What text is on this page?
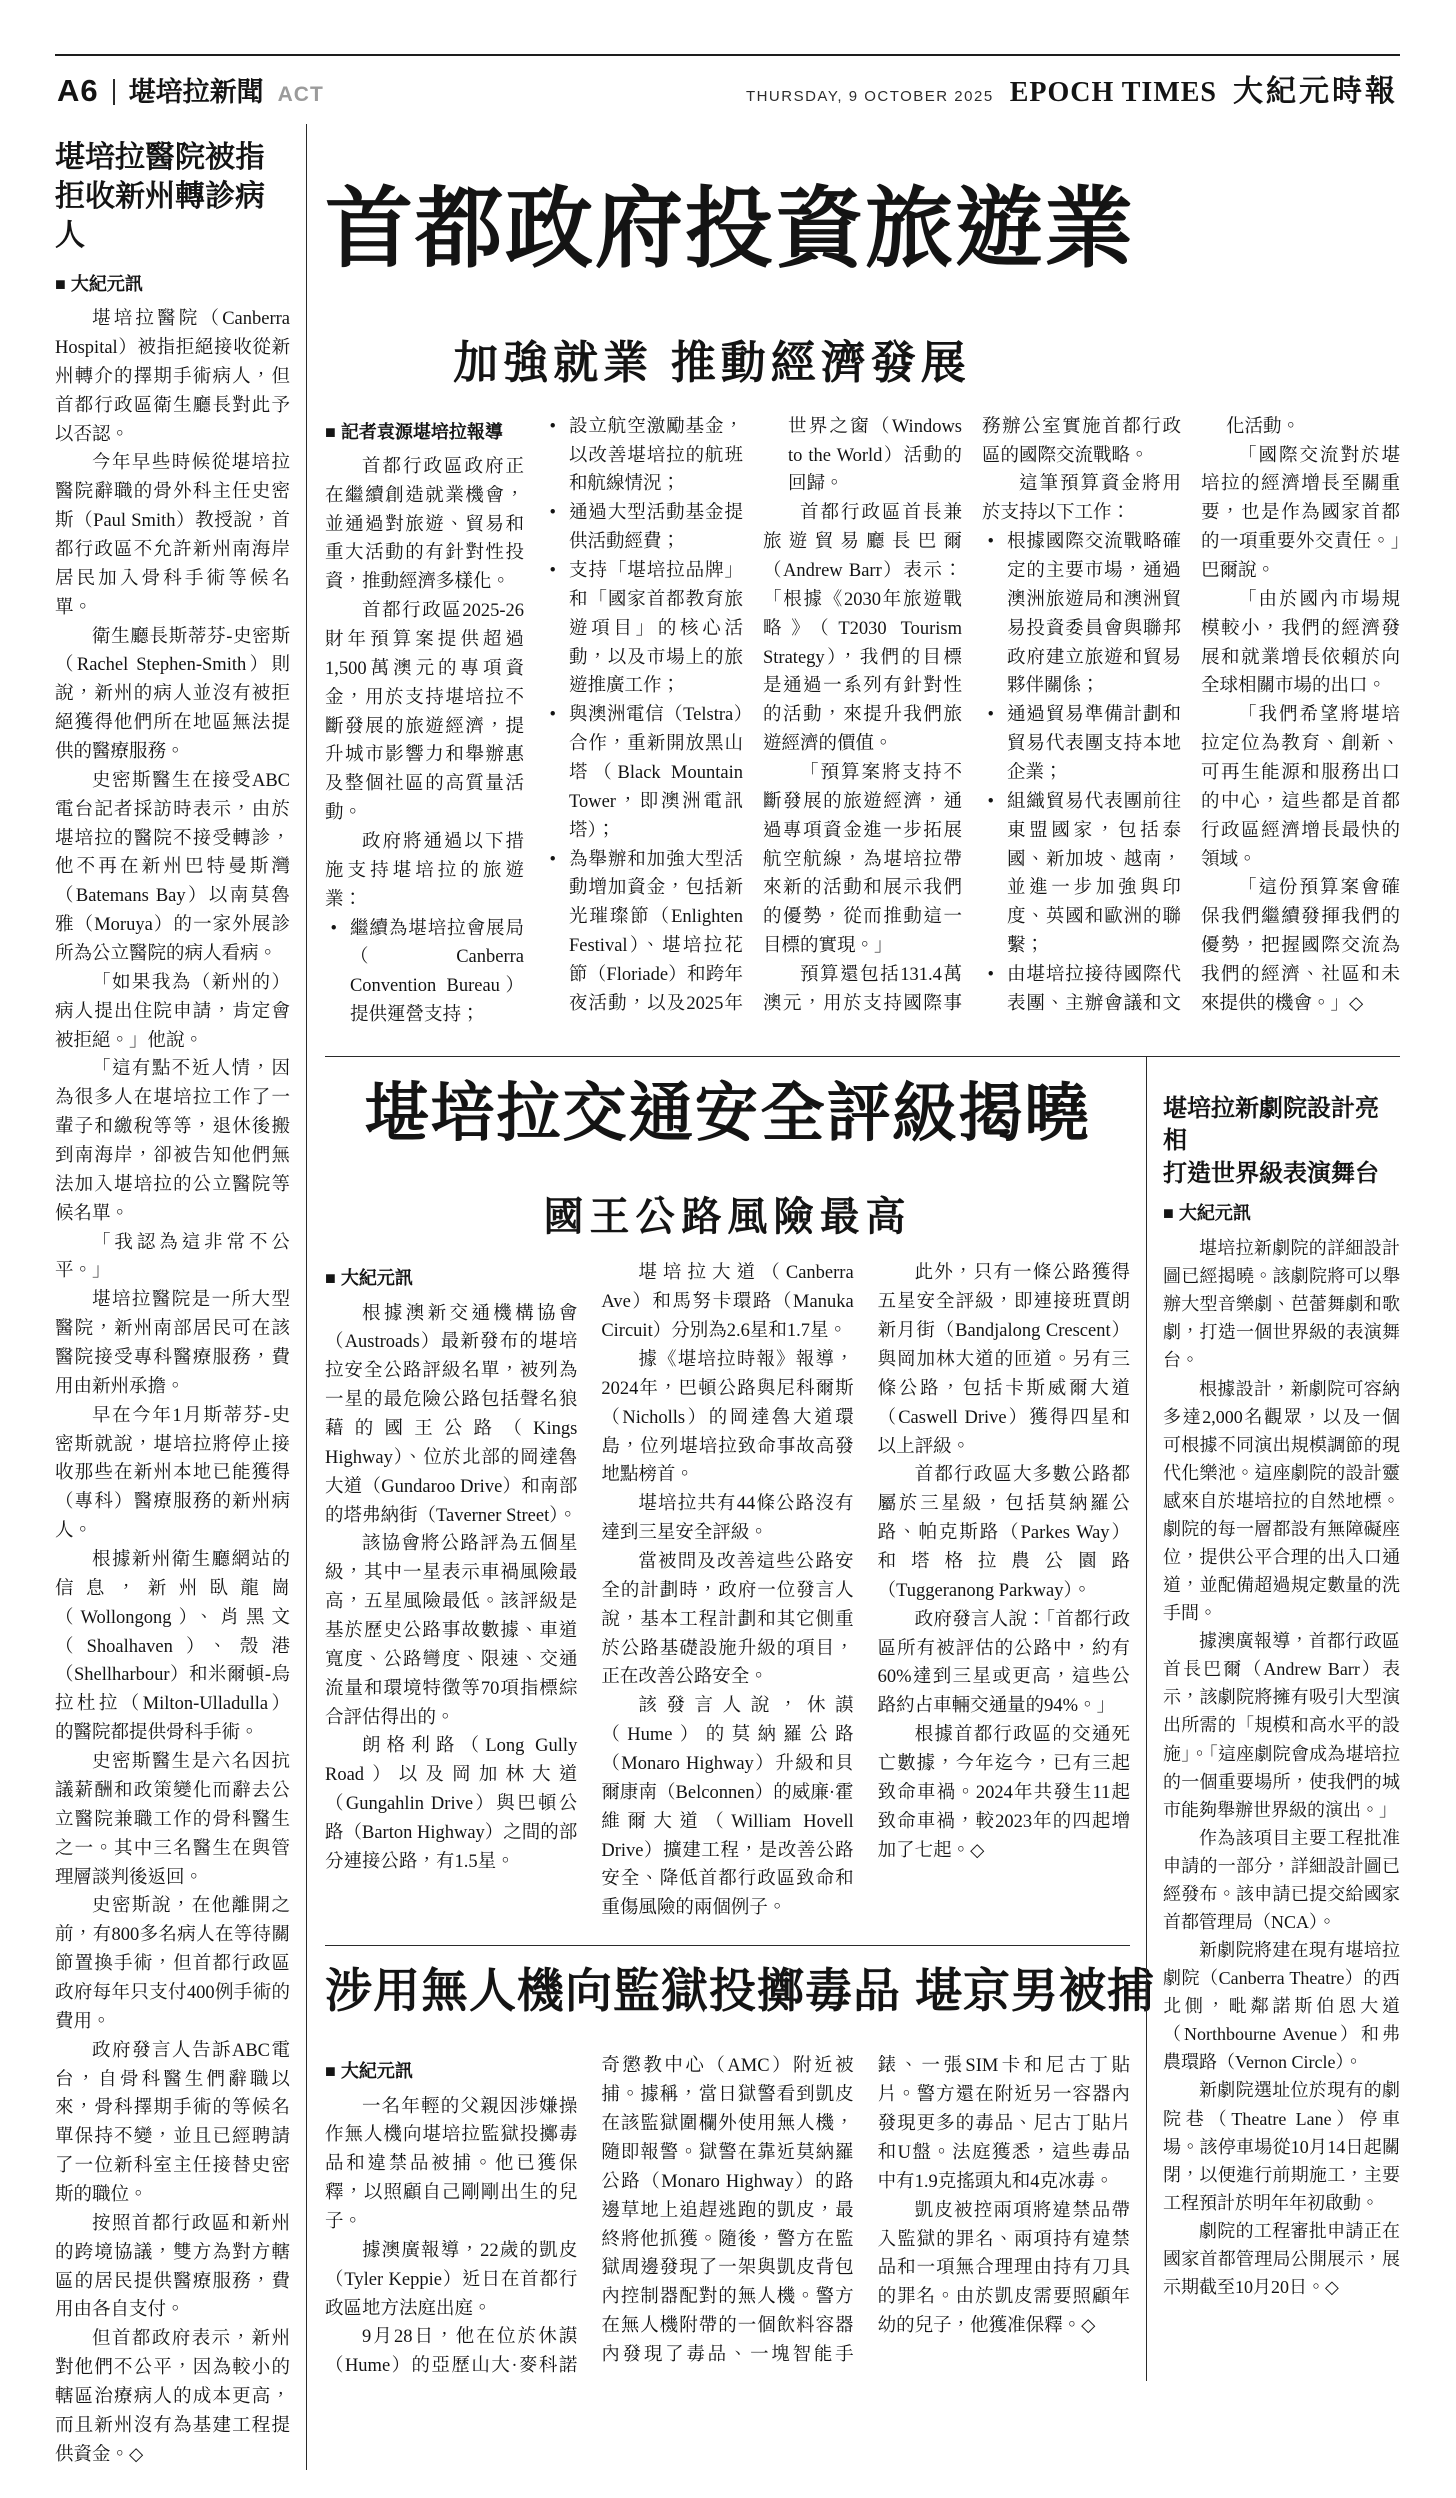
A6 堪培拉新聞 ACT	THURSDAY, 9 OCTOBER 2025 EPOCH TIMES 大紀元時報
堪培拉醫院被指
拒收新州轉診病人

■ 大紀元訊

堪培拉醫院（Canberra Hospital）被指拒絕接收從新州轉介的擇期手術病人，但首都行政區衛生廳長對此予以否認。

今年早些時候從堪培拉醫院辭職的骨外科主任史密斯（Paul Smith）教授說，首都行政區不允許新州南海岸居民加入骨科手術等候名單。

衛生廳長斯蒂芬-史密斯（Rachel Stephen-Smith）則說，新州的病人並沒有被拒絕獲得他們所在地區無法提供的醫療服務。

史密斯醫生在接受ABC電台記者採訪時表示，由於堪培拉的醫院不接受轉診，他不再在新州巴特曼斯灣（Batemans Bay）以南莫魯雅（Moruya）的一家外展診所為公立醫院的病人看病。

「如果我為（新州的）病人提出住院申請，肯定會被拒絕。」他說。

「這有點不近人情，因為很多人在堪培拉工作了一輩子和繳稅等等，退休後搬到南海岸，卻被告知他們無法加入堪培拉的公立醫院等候名單。

「我認為這非常不公平。」

堪培拉醫院是一所大型醫院，新州南部居民可在該醫院接受專科醫療服務，費用由新州承擔。

早在今年1月斯蒂芬-史密斯就說，堪培拉將停止接收那些在新州本地已能獲得（專科）醫療服務的新州病人。

根據新州衛生廳網站的信息，新州臥龍崗（Wollongong）、肖黑文（Shoalhaven）、殼港（Shellharbour）和米爾頓-烏拉杜拉（Milton-Ulladulla）的醫院都提供骨科手術。

史密斯醫生是六名因抗議薪酬和政策變化而辭去公立醫院兼職工作的骨科醫生之一。其中三名醫生在與管理層談判後返回。

史密斯說，在他離開之前，有800多名病人在等待關節置換手術，但首都行政區政府每年只支付400例手術的費用。

政府發言人告訴ABC電台，自骨科醫生們辭職以來，骨科擇期手術的等候名單保持不變，並且已經聘請了一位新科室主任接替史密斯的職位。

按照首都行政區和新州的跨境協議，雙方為對方轄區的居民提供醫療服務，費用由各自支付。

但首都政府表示，新州對他們不公平，因為較小的轄區治療病人的成本更高，而且新州沒有為基建工程提供資金。◇

首都政府投資旅遊業
加強就業 推動經濟發展

■ 記者袁源堪培拉報導

首都行政區政府正在繼續創造就業機會，並通過對旅遊、貿易和重大活動的有針對性投資，推動經濟多樣化。

首都行政區2025-26財年預算案提供超過1,500萬澳元的專項資金，用於支持堪培拉不斷發展的旅遊經濟，提升城市影響力和舉辦惠及整個社區的高質量活動。

政府將通過以下措施支持堪培拉的旅遊業：

• 繼續為堪培拉會展局（Canberra Convention Bureau）提供運營支持；

• 設立航空激勵基金，以改善堪培拉的航班和航線情況；

• 通過大型活動基金提供活動經費；

• 支持「堪培拉品牌」和「國家首都教育旅遊項目」的核心活動，以及市場上的旅遊推廣工作；

• 與澳洲電信（Telstra）合作，重新開放黑山塔（Black Mountain Tower，即澳洲電訊塔）；

• 為舉辦和加強大型活動增加資金，包括新光璀璨節（Enlighten Festival）、堪培拉花節（Floriade）和跨年夜活動，以及2025年世界之窗（Windows to the World）活動的回歸。

首都行政區首長兼旅遊貿易廳長巴爾（Andrew Barr）表示：「根據《2030年旅遊戰略》（T2030 Tourism Strategy），我們的目標是通過一系列有針對性的活動，來提升我們旅遊經濟的價值。

「預算案將支持不斷發展的旅遊經濟，通過專項資金進一步拓展航空航線，為堪培拉帶來新的活動和展示我們的優勢，從而推動這一目標的實現。」

預算還包括131.4萬澳元，用於支持國際事務辦公室實施首都行政區的國際交流戰略。

這筆預算資金將用於支持以下工作：

• 根據國際交流戰略確定的主要市場，通過澳洲旅遊局和澳洲貿易投資委員會與聯邦政府建立旅遊和貿易夥伴關係；

• 通過貿易準備計劃和貿易代表團支持本地企業；

• 組織貿易代表團前往東盟國家，包括泰國、新加坡、越南，並進一步加強與印度、英國和歐洲的聯繫；

• 由堪培拉接待國際代表團、主辦會議和文化活動。

「國際交流對於堪培拉的經濟增長至關重要，也是作為國家首都的一項重要外交責任。」巴爾說。

「由於國內市場規模較小，我們的經濟發展和就業增長依賴於向全球相關市場的出口。

「我們希望將堪培拉定位為教育、創新、可再生能源和服務出口的中心，這些都是首都行政區經濟增長最快的領域。

「這份預算案會確保我們繼續發揮我們的優勢，把握國際交流為我們的經濟、社區和未來提供的機會。」◇

堪培拉交通安全評級揭曉
國王公路風險最高

■ 大紀元訊

根據澳新交通機構協會（Austroads）最新發布的堪培拉安全公路評級名單，被列為一星的最危險公路包括聲名狼藉的國王公路（Kings Highway）、位於北部的岡達魯大道（Gundaroo Drive）和南部的塔弗納街（Taverner Street）。

該協會將公路評為五個星級，其中一星表示車禍風險最高，五星風險最低。該評級是基於歷史公路事故數據、車道寬度、公路彎度、限速、交通流量和環境特徵等70項指標綜合評估得出的。

朗格利路（Long Gully Road）以及岡加林大道（Gungahlin Drive）與巴頓公路（Barton Highway）之間的部分連接公路，有1.5星。

堪培拉大道（Canberra Ave）和馬努卡環路（Manuka Circuit）分別為2.6星和1.7星。

據《堪培拉時報》報導，2024年，巴頓公路與尼科爾斯（Nicholls）的岡達魯大道環島，位列堪培拉致命事故高發地點榜首。

堪培拉共有44條公路沒有達到三星安全評級。

當被問及改善這些公路安全的計劃時，政府一位發言人說，基本工程計劃和其它側重於公路基礎設施升級的項目，正在改善公路安全。

該發言人說，休謨（Hume）的莫納羅公路（Monaro Highway）升級和貝爾康南（Belconnen）的威廉·霍維爾大道（William Hovell Drive）擴建工程，是改善公路安全、降低首都行政區致命和重傷風險的兩個例子。

此外，只有一條公路獲得五星安全評級，即連接班賈朗新月街（Bandjalong Crescent）與岡加林大道的匝道。另有三條公路，包括卡斯威爾大道（Caswell Drive）獲得四星和以上評級。

首都行政區大多數公路都屬於三星級，包括莫納羅公路、帕克斯路（Parkes Way）和塔格拉農公園路（Tuggeranong Parkway）。

政府發言人說：「首都行政區所有被評估的公路中，約有60%達到三星或更高，這些公路約占車輛交通量的94%。」

根據首都行政區的交通死亡數據，今年迄今，已有三起致命車禍。2024年共發生11起致命車禍，較2023年的四起增加了七起。◇

涉用無人機向監獄投擲毒品 堪京男被捕

■ 大紀元訊

一名年輕的父親因涉嫌操作無人機向堪培拉監獄投擲毒品和違禁品被捕。他已獲保釋，以照顧自己剛剛出生的兒子。

據澳廣報導，22歲的凱皮（Tyler Keppie）近日在首都行政區地方法庭出庭。

9月28日，他在位於休謨（Hume）的亞歷山大·麥科諾奇懲教中心（AMC）附近被捕。據稱，當日獄警看到凱皮在該監獄圍欄外使用無人機，隨即報警。獄警在靠近莫納羅公路（Monaro Highway）的路邊草地上追趕逃跑的凱皮，最終將他抓獲。隨後，警方在監獄周邊發現了一架與凱皮背包內控制器配對的無人機。警方在無人機附帶的一個飲料容器內發現了毒品、一塊智能手錶、一張SIM卡和尼古丁貼片。警方還在附近另一容器內發現更多的毒品、尼古丁貼片和U盤。法庭獲悉，這些毒品中有1.9克搖頭丸和4克冰毒。

凱皮被控兩項將違禁品帶入監獄的罪名、兩項持有違禁品和一項無合理理由持有刀具的罪名。由於凱皮需要照顧年幼的兒子，他獲准保釋。◇

堪培拉新劇院設計亮相
打造世界級表演舞台

■ 大紀元訊

堪培拉新劇院的詳細設計圖已經揭曉。該劇院將可以舉辦大型音樂劇、芭蕾舞劇和歌劇，打造一個世界級的表演舞台。

根據設計，新劇院可容納多達2,000名觀眾，以及一個可根據不同演出規模調節的現代化樂池。這座劇院的設計靈感來自於堪培拉的自然地標。劇院的每一層都設有無障礙座位，提供公平合理的出入口通道，並配備超過規定數量的洗手間。

據澳廣報導，首都行政區首長巴爾（Andrew Barr）表示，該劇院將擁有吸引大型演出所需的「規模和高水平的設施」。「這座劇院會成為堪培拉的一個重要場所，使我們的城市能夠舉辦世界級的演出。」

作為該項目主要工程批准申請的一部分，詳細設計圖已經發布。該申請已提交給國家首都管理局（NCA）。

新劇院將建在現有堪培拉劇院（Canberra Theatre）的西北側，毗鄰諾斯伯恩大道（Northbourne Avenue）和弗農環路（Vernon Circle）。

新劇院選址位於現有的劇院巷（Theatre Lane）停車場。該停車場從10月14日起關閉，以便進行前期施工，主要工程預計於明年年初啟動。

劇院的工程審批申請正在國家首都管理局公開展示，展示期截至10月20日。◇
